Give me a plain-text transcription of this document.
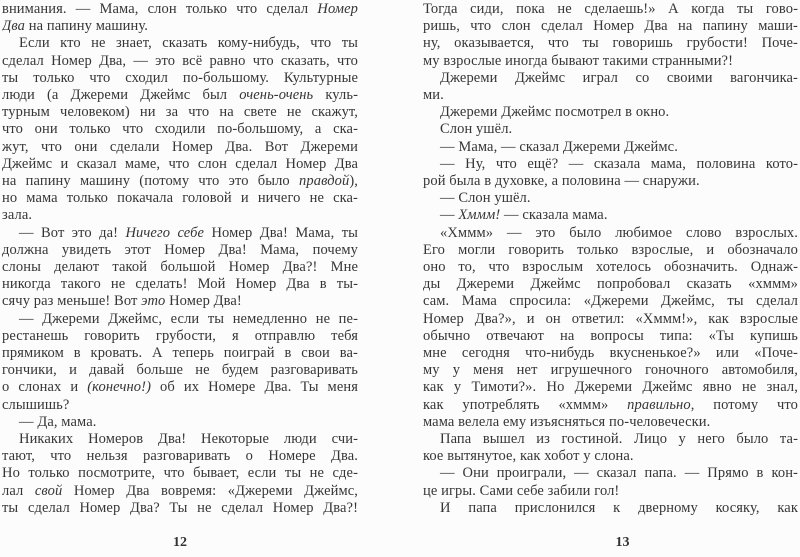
внимания. — Мама, слон только что сделал Номер
Два на папину машину.
Если кто не знает, сказать кому-нибудь, что ты
сделал Номер Два, — это всё равно что сказать, что
ты только что сходил по-большому. Культурные
люди (а Джереми Джеймс был очень-очень куль-
турным человеком) ни за что на свете не скажут,
что они только что сходили по-большому, а ска-
жут, что они сделали Номер Два. Вот Джереми
Джеймс и сказал маме, что слон сделал Номер Два
на папину машину (потому что это было правдой),
но мама только покачала головой и ничего не ска-
зала.
— Вот это да! Ничего себе Номер Два! Мама, ты
должна увидеть этот Номер Два! Мама, почему
слоны делают такой большой Номер Два?! Мне
никогда такого не сделать! Мой Номер Два в ты-
сячу раз меньше! Вот это Номер Два!
— Джереми Джеймс, если ты немедленно не пе-
рестанешь говорить грубости, я отправлю тебя
прямиком в кровать. А теперь поиграй в свои ва-
гончики, и давай больше не будем разговаривать
о слонах и (конечно!) об их Номере Два. Ты меня
слышишь?
— Да, мама.
Никаких Номеров Два! Некоторые люди счи-
тают, что нельзя разговаривать о Номере Два.
Но только посмотрите, что бывает, если ты не сде-
лал свой Номер Два вовремя: «Джереми Джеймс,
ты сделал Номер Два? Ты не сделал Номер Два?!
12
Тогда сиди, пока не сделаешь!» А когда ты гово-
ришь, что слон сделал Номер Два на папину маши-
ну, оказывается, что ты говоришь грубости! Поче-
му взрослые иногда бывают такими странными?!
Джереми Джеймс играл со своими вагончика-
ми.
Джереми Джеймс посмотрел в окно.
Слон ушёл.
— Мама, — сказал Джереми Джеймс.
— Ну, что ещё? — сказала мама, половина кото-
рой была в духовке, а половина — снаружи.
— Слон ушёл.
— Хммм! — сказала мама.
«Хммм» — это было любимое слово взрослых.
Его могли говорить только взрослые, и обозначало
оно то, что взрослым хотелось обозначить. Однаж-
ды Джереми Джеймс попробовал сказать «хммм»
сам. Мама спросила: «Джереми Джеймс, ты сделал
Номер Два?», и он ответил: «Хммм!», как взрослые
обычно отвечают на вопросы типа: «Ты купишь
мне сегодня что-нибудь вкусненькое?» или «Поче-
му у меня нет игрушечного гоночного автомобиля,
как у Тимоти?». Но Джереми Джеймс явно не знал,
как употреблять «хммм» правильно, потому что
мама велела ему изъясняться по-человечески.
Папа вышел из гостиной. Лицо у него было та-
кое вытянутое, как хобот у слона.
— Они проиграли, — сказал папа. — Прямо в кон-
це игры. Сами себе забили гол!
И папа прислонился к дверному косяку, как
13
